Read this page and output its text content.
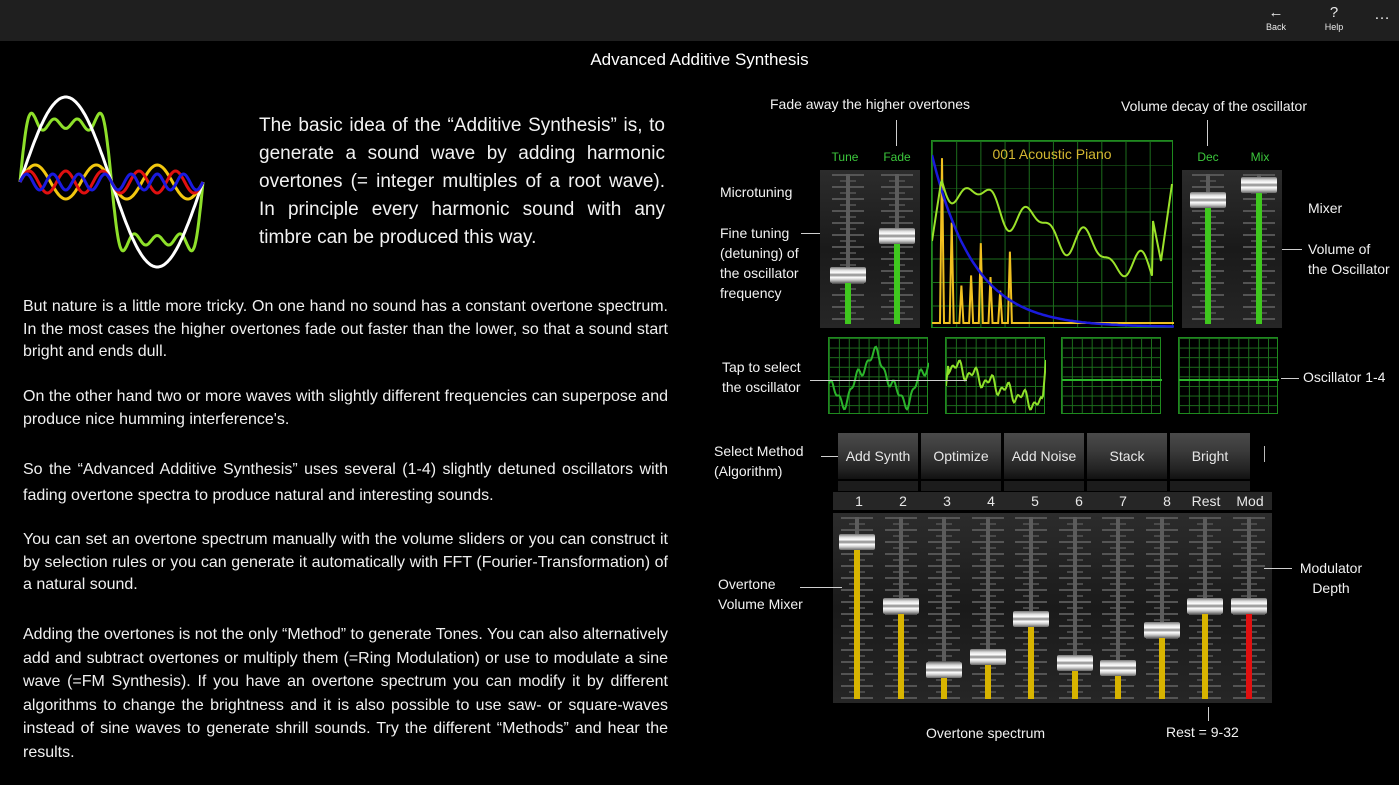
←
Back
?
Help
…
Advanced Additive Synthesis
The basic idea of the “Additive Synthesis” is, to generate a sound wave by adding harmonic overtones (= integer multiples of a root wave). In principle every harmonic sound with any timbre can be produced this way.
But nature is a little more tricky. On one hand no sound has a constant overtone spectrum. In the most cases the higher overtones fade out faster than the lower, so that a sound start bright and ends dull.
On the other hand two or more waves with slightly different frequencies can superpose and produce nice humming interference's.
So the “Advanced Additive Synthesis” uses several (1-4) slightly detuned oscillators with fading overtone spectra to produce natural and interesting sounds.
You can set an overtone spectrum manually with the volume sliders or you can construct it by selection rules or you can generate it automatically with FFT (Fourier-Transformation) of a natural sound.
Adding the overtones is not the only “Method” to generate Tones. You can also alternatively add and subtract overtones or multiply them (=Ring Modulation) or use to modulate a sine wave (=FM Synthesis). If you have an overtone spectrum you can modify it by different algorithms to change the brightness and it is also possible to use saw- or square-waves instead of sine waves to generate shrill sounds. Try the different “Methods” and hear the results.
Fade away the higher overtones	Volume decay of the oscillator
Tune	Fade	Dec	Mix
Microtuning
Fine tuning
(detuning) of
the oscillator
frequency
Mixer
Volume of
the Oscillator
001 Acoustic Piano
Tap to select
the oscillator
Oscillator 1-4
Select Method
(Algorithm)
Add Synth	Optimize	Add Noise	Stack	Bright
1	2	3	4	5	6	7	8	Rest	Mod
Overtone
Volume Mixer
Modulator
Depth
Overtone spectrum	Rest = 9-32
